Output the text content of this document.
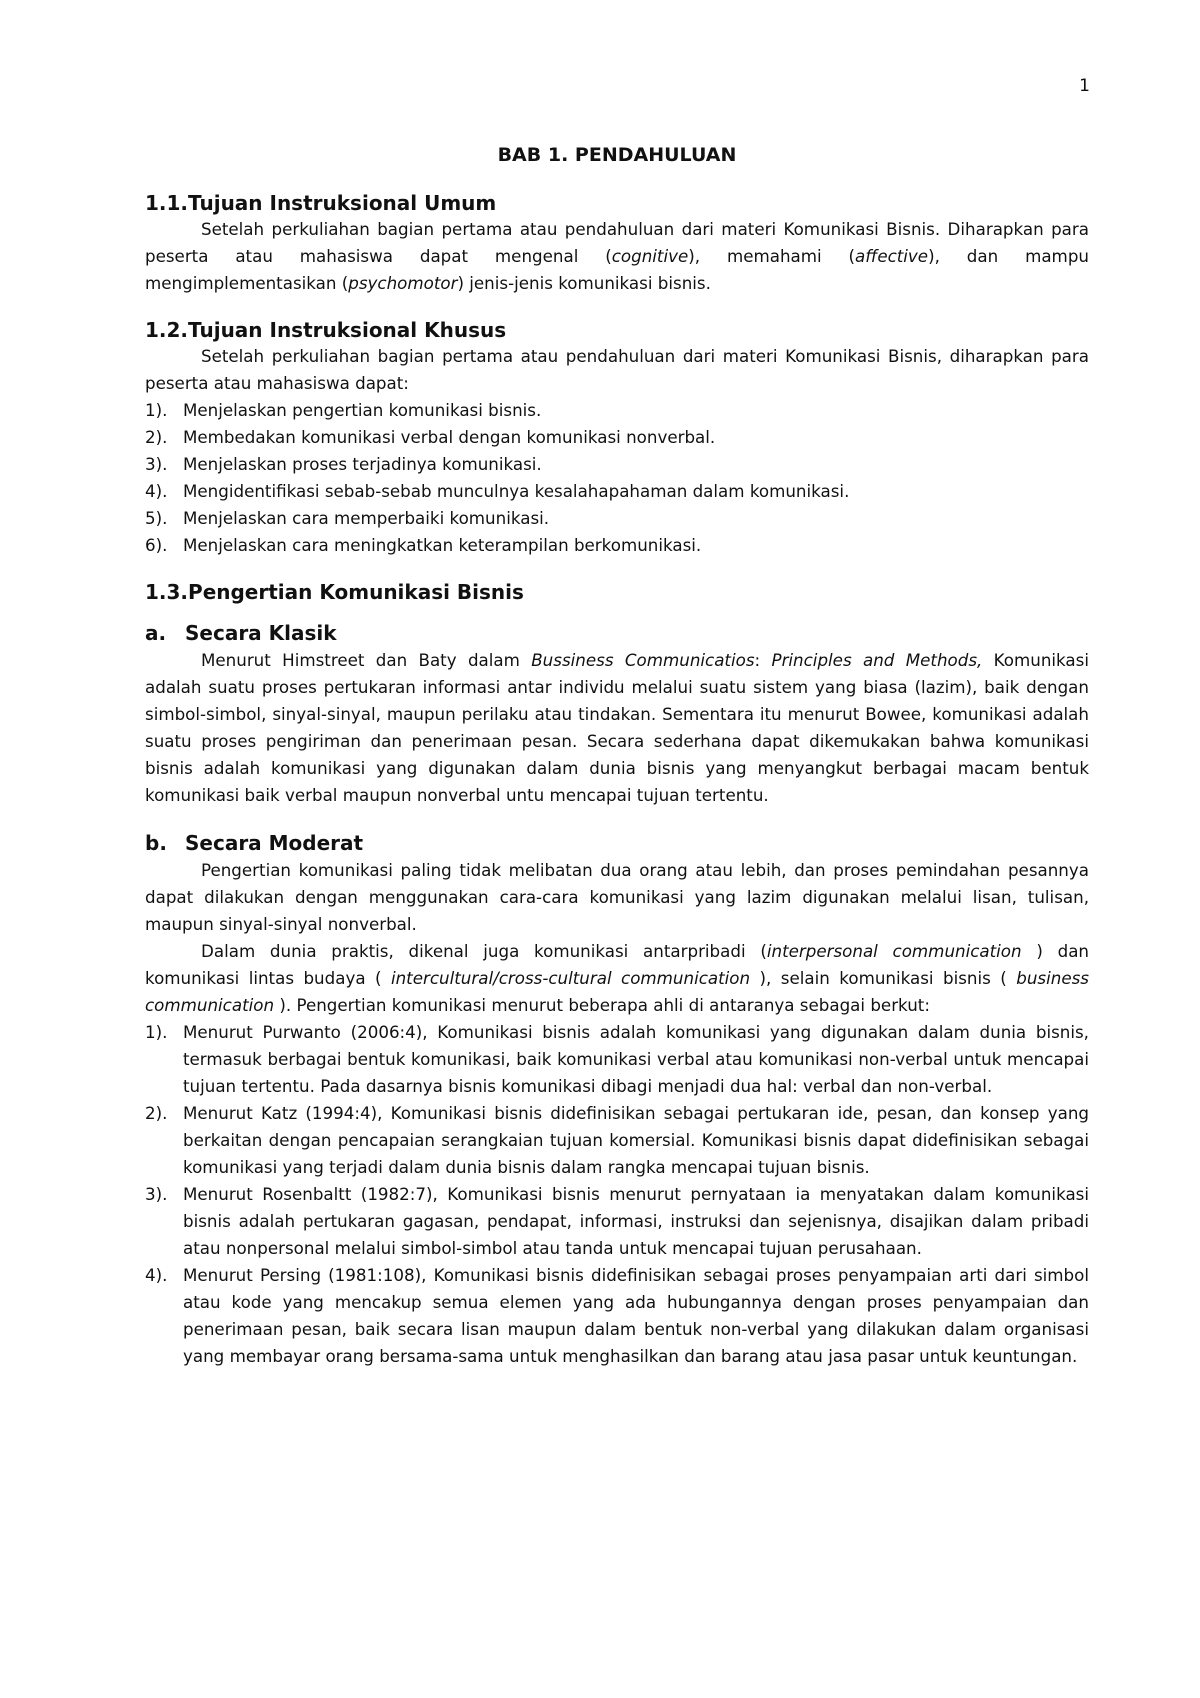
1
BAB 1. PENDAHULUAN
1.1.Tujuan Instruksional Umum

Setelah perkuliahan bagian pertama atau pendahuluan dari materi Komunikasi Bisnis. Diharapkan para peserta atau mahasiswa dapat mengenal (cognitive), memahami (affective), dan mampu mengimplementasikan (psychomotor) jenis-jenis komunikasi bisnis.

1.2.Tujuan Instruksional Khusus

Setelah perkuliahan bagian pertama atau pendahuluan dari materi Komunikasi Bisnis, diharapkan para peserta atau mahasiswa dapat:

1). Menjelaskan pengertian komunikasi bisnis.
2). Membedakan komunikasi verbal dengan komunikasi nonverbal.
3). Menjelaskan proses terjadinya komunikasi.
4). Mengidentifikasi sebab-sebab munculnya kesalahapahaman dalam komunikasi.
5). Menjelaskan cara memperbaiki komunikasi.
6). Menjelaskan cara meningkatkan keterampilan berkomunikasi.
1.3.Pengertian Komunikasi Bisnis
a. Secara Klasik

Menurut Himstreet dan Baty dalam Bussiness Communicatios: Principles and Methods, Komunikasi adalah suatu proses pertukaran informasi antar individu melalui suatu sistem yang biasa (lazim), baik dengan simbol-simbol, sinyal-sinyal, maupun perilaku atau tindakan. Sementara itu menurut Bowee, komunikasi adalah suatu proses pengiriman dan penerimaan pesan. Secara sederhana dapat dikemukakan bahwa komunikasi bisnis adalah komunikasi yang digunakan dalam dunia bisnis yang menyangkut berbagai macam bentuk komunikasi baik verbal maupun nonverbal untu mencapai tujuan tertentu.

b. Secara Moderat

Pengertian komunikasi paling tidak melibatan dua orang atau lebih, dan proses pemindahan pesannya dapat dilakukan dengan menggunakan cara-cara komunikasi yang lazim digunakan melalui lisan, tulisan, maupun sinyal-sinyal nonverbal.

Dalam dunia praktis, dikenal juga komunikasi antarpribadi (interpersonal communication ) dan komunikasi lintas budaya ( intercultural/cross-cultural communication ), selain komunikasi bisnis ( business communication ). Pengertian komunikasi menurut beberapa ahli di antaranya sebagai berkut:

1). Menurut Purwanto (2006:4), Komunikasi bisnis adalah komunikasi yang digunakan dalam dunia bisnis, termasuk berbagai bentuk komunikasi, baik komunikasi verbal atau komunikasi non-verbal untuk mencapai tujuan tertentu. Pada dasarnya bisnis komunikasi dibagi menjadi dua hal: verbal dan non-verbal.
2). Menurut Katz (1994:4), Komunikasi bisnis didefinisikan sebagai pertukaran ide, pesan, dan konsep yang berkaitan dengan pencapaian serangkaian tujuan komersial. Komunikasi bisnis dapat didefinisikan sebagai komunikasi yang terjadi dalam dunia bisnis dalam rangka mencapai tujuan bisnis.
3). Menurut Rosenbaltt (1982:7), Komunikasi bisnis menurut pernyataan ia menyatakan dalam komunikasi bisnis adalah pertukaran gagasan, pendapat, informasi, instruksi dan sejenisnya, disajikan dalam pribadi atau nonpersonal melalui simbol-simbol atau tanda untuk mencapai tujuan perusahaan.
4). Menurut Persing (1981:108), Komunikasi bisnis didefinisikan sebagai proses penyampaian arti dari simbol atau kode yang mencakup semua elemen yang ada hubungannya dengan proses penyampaian dan penerimaan pesan, baik secara lisan maupun dalam bentuk non-verbal yang dilakukan dalam organisasi yang membayar orang bersama-sama untuk menghasilkan dan barang atau jasa pasar untuk keuntungan.
